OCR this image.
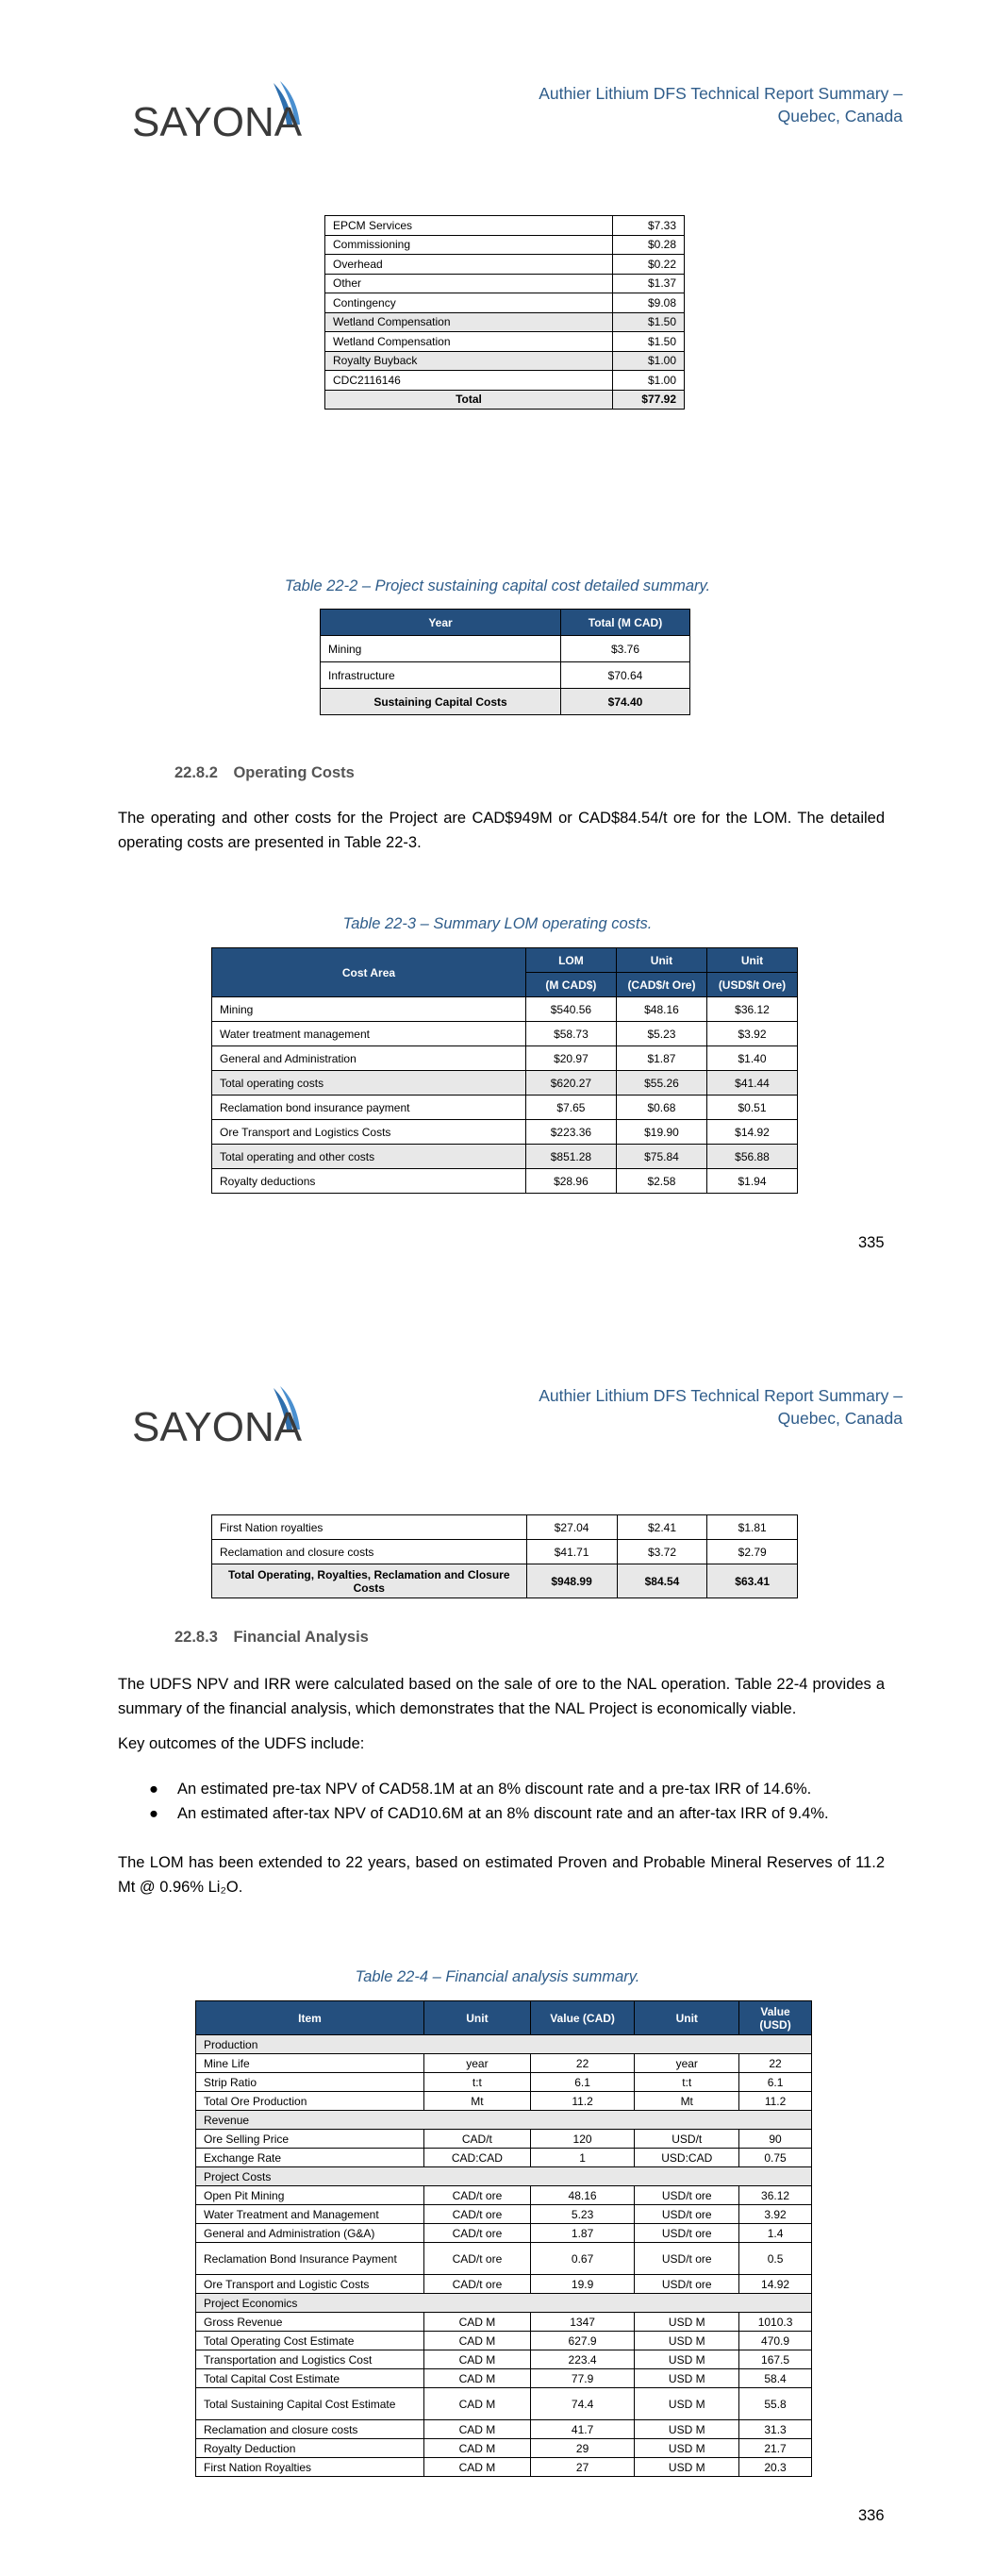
SAYONA
Authier Lithium DFS Technical Report Summary –
Quebec, Canada
EPCM Services	$7.33
Commissioning	$0.28
Overhead	$0.22
Other	$1.37
Contingency	$9.08
Wetland Compensation	$1.50
Wetland Compensation	$1.50
Royalty Buyback	$1.00
CDC2116146	$1.00
Total	$77.92
Table 22-2 – Project sustaining capital cost detailed summary.
Year	Total (M CAD)
Mining	$3.76
Infrastructure	$70.64
Sustaining Capital Costs	$74.40
22.8.2 Operating Costs
The operating and other costs for the Project are CAD$949M or CAD$84.54/t ore for the LOM. The detailed operating costs are presented in Table 22-3.
Table 22-3 – Summary LOM operating costs.
Cost Area	LOM	Unit	Unit
	(M CAD$)	(CAD$/t Ore)	(USD$/t Ore)
Mining	$540.56	$48.16	$36.12
Water treatment management	$58.73	$5.23	$3.92
General and Administration	$20.97	$1.87	$1.40
Total operating costs	$620.27	$55.26	$41.44
Reclamation bond insurance payment	$7.65	$0.68	$0.51
Ore Transport and Logistics Costs	$223.36	$19.90	$14.92
Total operating and other costs	$851.28	$75.84	$56.88
Royalty deductions	$28.96	$2.58	$1.94
335
SAYONA
Authier Lithium DFS Technical Report Summary –
Quebec, Canada
First Nation royalties	$27.04	$2.41	$1.81
Reclamation and closure costs	$41.71	$3.72	$2.79
Total Operating, Royalties, Reclamation and Closure Costs	$948.99	$84.54	$63.41
22.8.3 Financial Analysis
The UDFS NPV and IRR were calculated based on the sale of ore to the NAL operation. Table 22-4 provides a summary of the financial analysis, which demonstrates that the NAL Project is economically viable.
Key outcomes of the UDFS include:
● An estimated pre-tax NPV of CAD58.1M at an 8% discount rate and a pre-tax IRR of 14.6%.
● An estimated after-tax NPV of CAD10.6M at an 8% discount rate and an after-tax IRR of 9.4%.
The LOM has been extended to 22 years, based on estimated Proven and Probable Mineral Reserves of 11.2 Mt @ 0.96% Li₂O.
Table 22-4 – Financial analysis summary.
Item	Unit	Value (CAD)	Unit	Value (USD)
Production				
Mine Life	year	22	year	22
Strip Ratio	t:t	6.1	t:t	6.1
Total Ore Production	Mt	11.2	Mt	11.2
Revenue				
Ore Selling Price	CAD/t	120	USD/t	90
Exchange Rate	CAD:CAD	1	USD:CAD	0.75
Project Costs				
Open Pit Mining	CAD/t ore	48.16	USD/t ore	36.12
Water Treatment and Management	CAD/t ore	5.23	USD/t ore	3.92
General and Administration (G&A)	CAD/t ore	1.87	USD/t ore	1.4
Reclamation Bond Insurance Payment	CAD/t ore	0.67	USD/t ore	0.5
Ore Transport and Logistic Costs	CAD/t ore	19.9	USD/t ore	14.92
Project Economics				
Gross Revenue	CAD M	1347	USD M	1010.3
Total Operating Cost Estimate	CAD M	627.9	USD M	470.9
Transportation and Logistics Cost	CAD M	223.4	USD M	167.5
Total Capital Cost Estimate	CAD M	77.9	USD M	58.4
Total Sustaining Capital Cost Estimate	CAD M	74.4	USD M	55.8
Reclamation and closure costs	CAD M	41.7	USD M	31.3
Royalty Deduction	CAD M	29	USD M	21.7
First Nation Royalties	CAD M	27	USD M	20.3
336
